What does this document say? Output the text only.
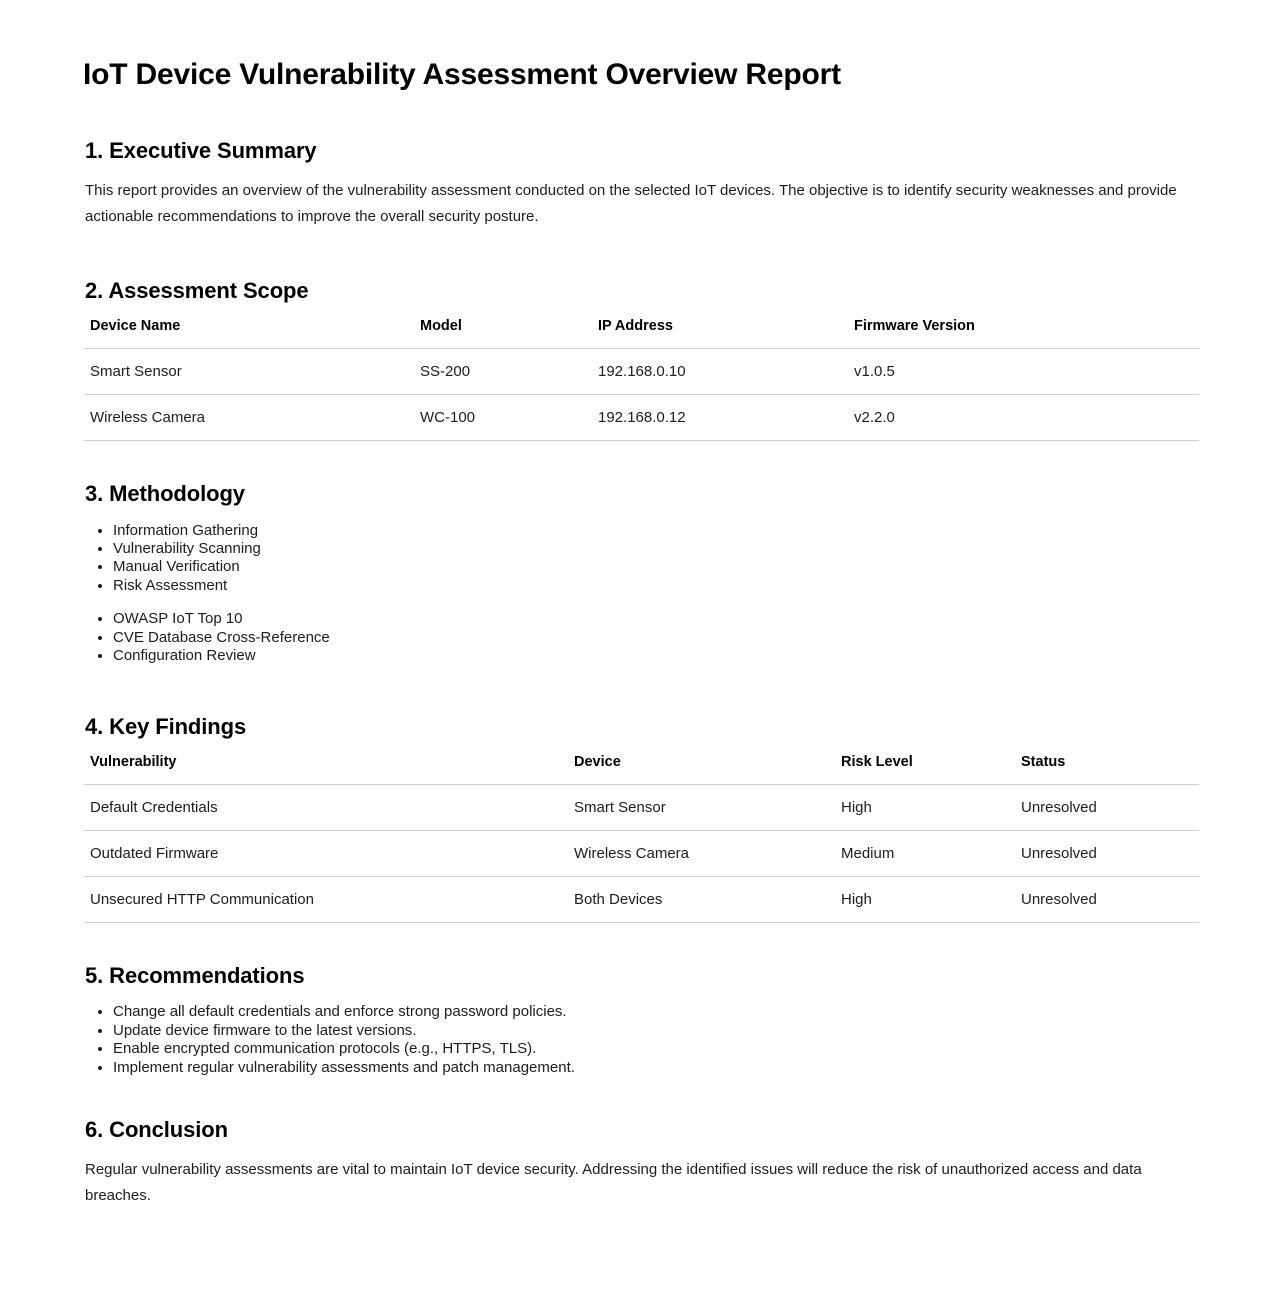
IoT Device Vulnerability Assessment Overview Report
1. Executive Summary

This report provides an overview of the vulnerability assessment conducted on the selected IoT devices. The objective is to identify security weaknesses and provide actionable recommendations to improve the overall security posture.

2. Assessment Scope
Device Name	Model	IP Address	Firmware Version
Smart Sensor	SS-200	192.168.0.10	v1.0.5
Wireless Camera	WC-100	192.168.0.12	v2.2.0
3. Methodology
• Information Gathering
• Vulnerability Scanning
• Manual Verification
• Risk Assessment
• OWASP IoT Top 10
• CVE Database Cross-Reference
• Configuration Review
4. Key Findings
Vulnerability	Device	Risk Level	Status
Default Credentials	Smart Sensor	High	Unresolved
Outdated Firmware	Wireless Camera	Medium	Unresolved
Unsecured HTTP Communication	Both Devices	High	Unresolved
5. Recommendations
• Change all default credentials and enforce strong password policies.
• Update device firmware to the latest versions.
• Enable encrypted communication protocols (e.g., HTTPS, TLS).
• Implement regular vulnerability assessments and patch management.
6. Conclusion

Regular vulnerability assessments are vital to maintain IoT device security. Addressing the identified issues will reduce the risk of unauthorized access and data breaches.
